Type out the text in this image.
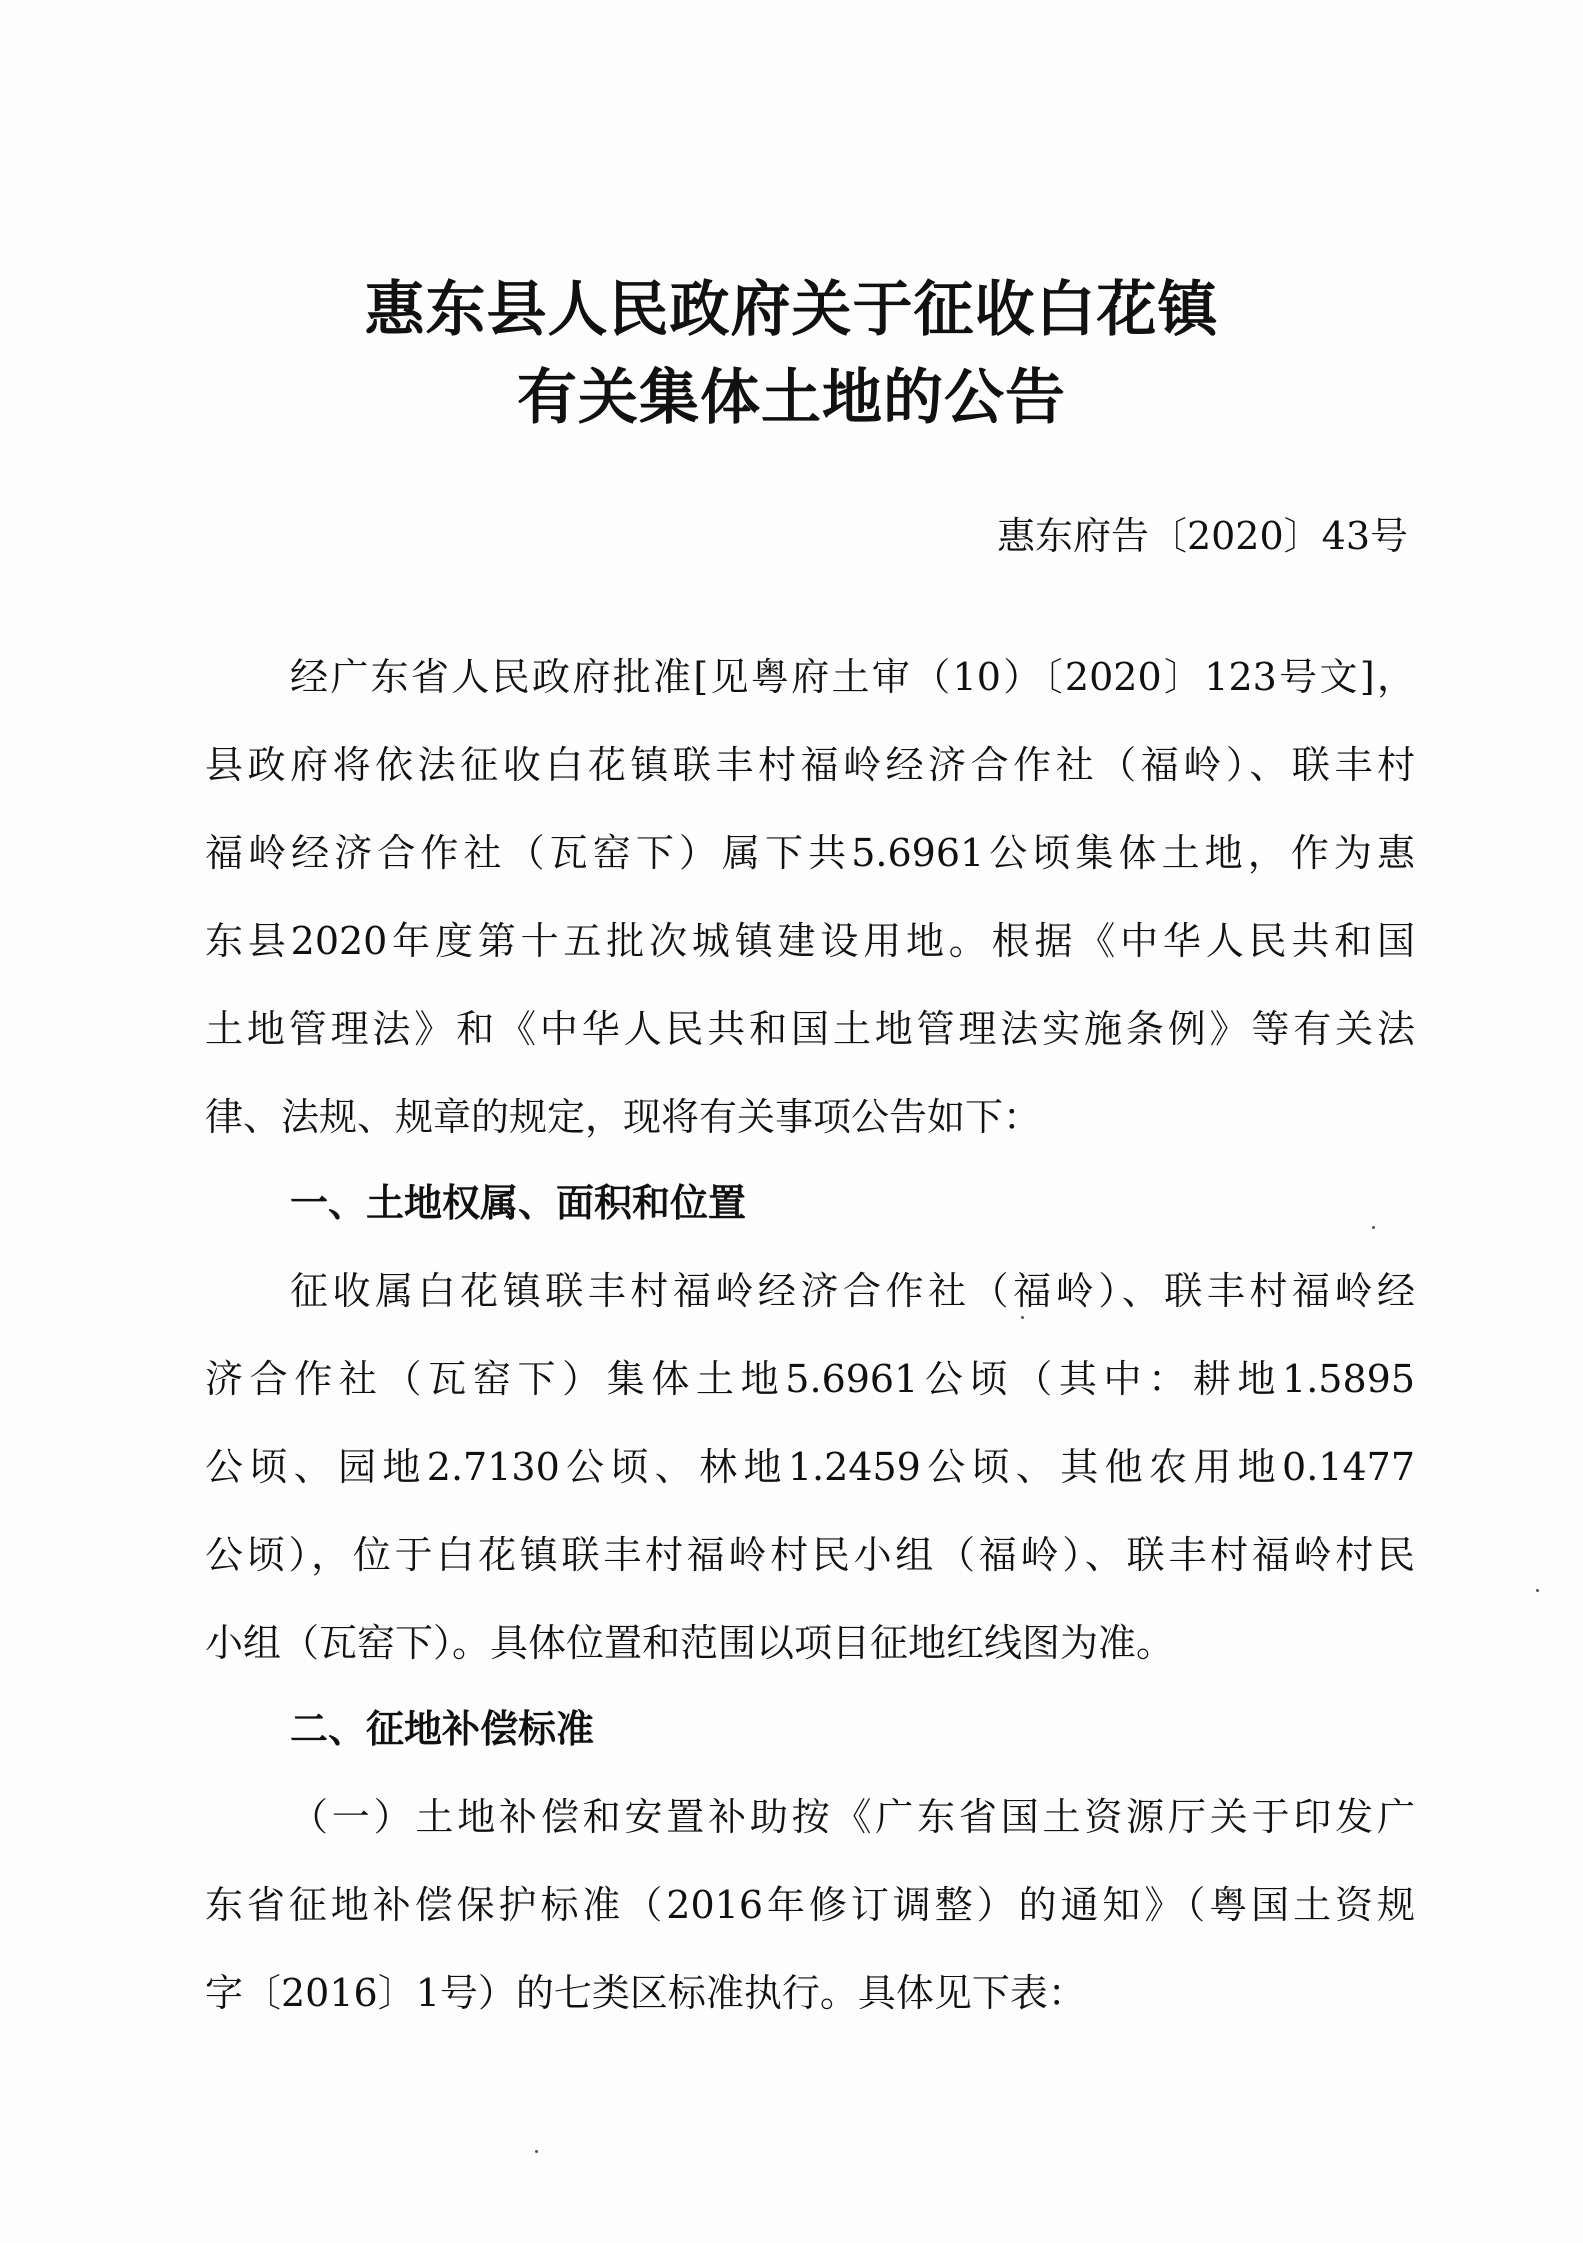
惠东县人民政府关于征收白花镇
有关集体土地的公告
惠东府告〔2020〕43号
经广东省人民政府批准[见粤府土审（10）〔2020〕123号文]，
县政府将依法征收白花镇联丰村福岭经济合作社（福岭）、联丰村
福岭经济合作社（瓦窑下）属下共5.6961公顷集体土地，作为惠
东县2020年度第十五批次城镇建设用地。根据《中华人民共和国
土地管理法》和《中华人民共和国土地管理法实施条例》等有关法
律、法规、规章的规定，现将有关事项公告如下：
一、土地权属、面积和位置
征收属白花镇联丰村福岭经济合作社（福岭）、联丰村福岭经
济合作社（瓦窑下）集体土地5.6961公顷（其中：耕地1.5895
公顷、园地2.7130公顷、林地1.2459公顷、其他农用地0.1477
公顷），位于白花镇联丰村福岭村民小组（福岭）、联丰村福岭村民
小组（瓦窑下）。具体位置和范围以项目征地红线图为准。
二、征地补偿标准
（一）土地补偿和安置补助按《广东省国土资源厅关于印发广
东省征地补偿保护标准（2016年修订调整）的通知》（粤国土资规
字〔2016〕1号）的七类区标准执行。具体见下表：
